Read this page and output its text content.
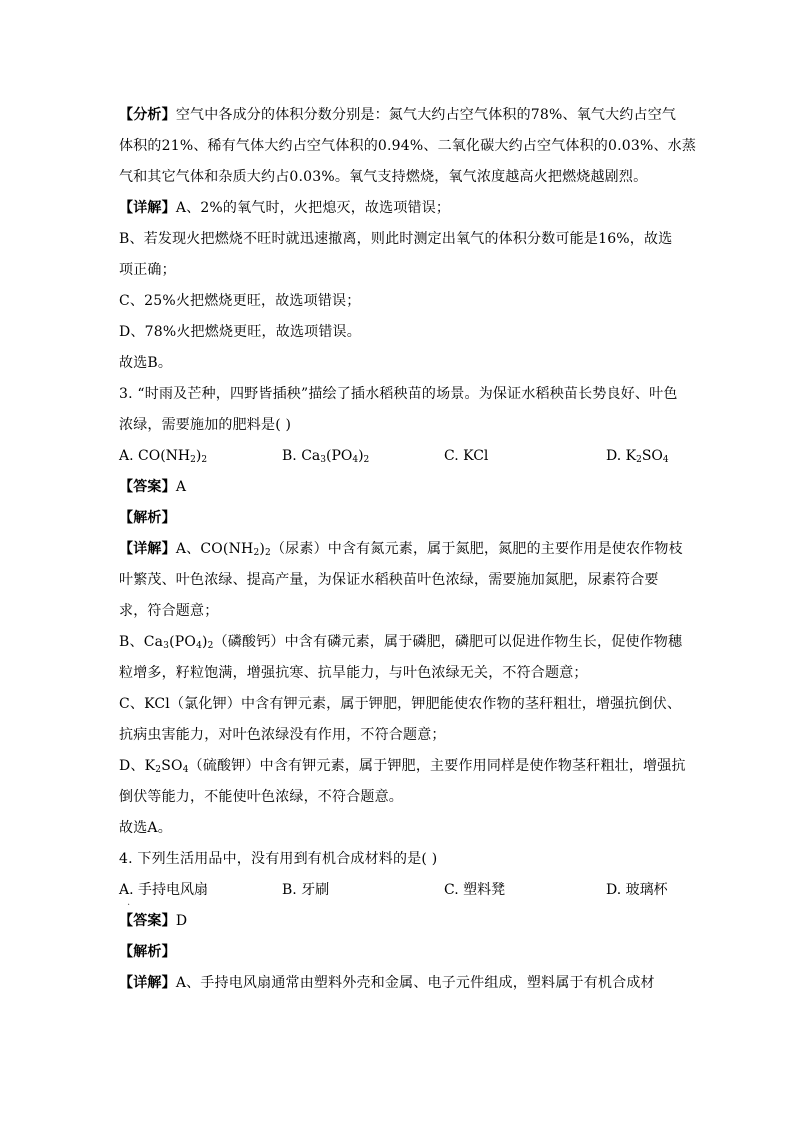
【分析】空气中各成分的体积分数分别是：氮气大约占空气体积的78%、氧气大约占空气
体积的21%、稀有气体大约占空气体积的0.94%、二氧化碳大约占空气体积的0.03%、水蒸
气和其它气体和杂质大约占0.03%。氧气支持燃烧，氧气浓度越高火把燃烧越剧烈。
【详解】A、2%的氧气时，火把熄灭，故选项错误；
B、若发现火把燃烧不旺时就迅速撤离，则此时测定出氧气的体积分数可能是16%，故选
项正确；
C、25%火把燃烧更旺，故选项错误；
D、78%火把燃烧更旺，故选项错误。
故选B。
3. “时雨及芒种，四野皆插秧”描绘了插水稻秧苗的场景。为保证水稻秧苗长势良好、叶色
浓绿，需要施加的肥料是( )
A. $CO(NH_2)_2$	B. $Ca_3(PO_4)_2$	C. KCl	D. $K_2SO_4$
【答案】A
【解析】
【详解】A、$CO(NH_2)_2$（尿素）中含有氮元素，属于氮肥，氮肥的主要作用是使农作物枝
叶繁茂、叶色浓绿、提高产量，为保证水稻秧苗叶色浓绿，需要施加氮肥，尿素符合要
求，符合题意；
B、$Ca_3(PO_4)_2$（磷酸钙）中含有磷元素，属于磷肥，磷肥可以促进作物生长，促使作物穗
粒增多，籽粒饱满，增强抗寒、抗旱能力，与叶色浓绿无关，不符合题意；
C、KCl（氯化钾）中含有钾元素，属于钾肥，钾肥能使农作物的茎秆粗壮，增强抗倒伏、
抗病虫害能力，对叶色浓绿没有作用，不符合题意；
D、$K_2SO_4$（硫酸钾）中含有钾元素，属于钾肥，主要作用同样是使作物茎秆粗壮，增强抗
倒伏等能力，不能使叶色浓绿，不符合题意。
故选A。
4. 下列生活用品中，没有用到有机合成材料的是( )
A. 手持电风扇	B. 牙刷	C. 塑料凳	D. 玻璃杯
.
【答案】D
【解析】
【详解】A、手持电风扇通常由塑料外壳和金属、电子元件组成，塑料属于有机合成材
